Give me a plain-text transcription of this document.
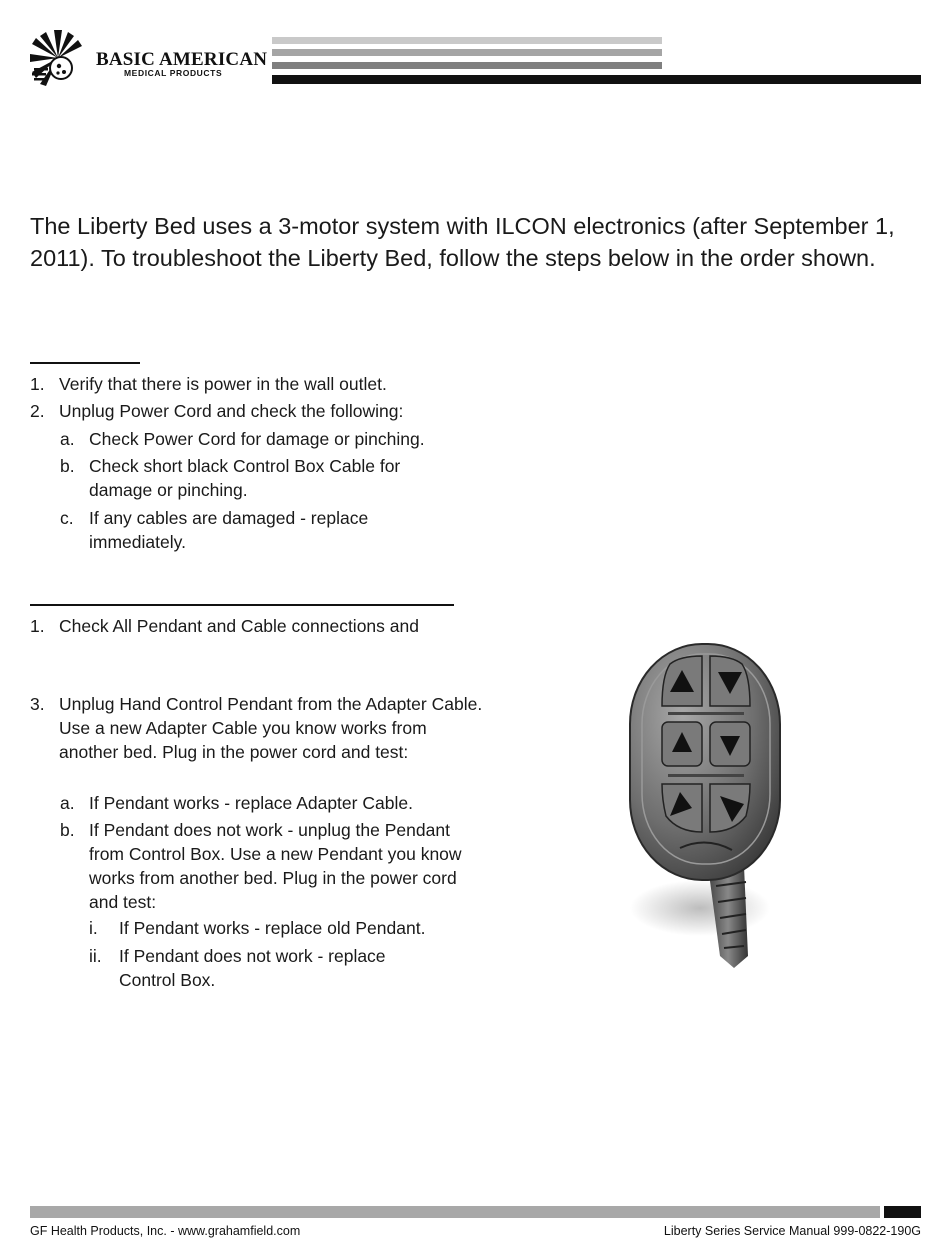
BASIC AMERICAN
MEDICAL PRODUCTS

The Liberty Bed uses a 3-motor system with ILCON electronics (after September 1, 2011). To troubleshoot the Liberty Bed, follow the steps below in the order shown.

1. Verify that there is power in the wall outlet.
2. Unplug Power Cord and check the following:
a. Check Power Cord for damage or pinching.
b. Check short black Control Box Cable for damage or pinching.
c. If any cables are damaged - replace immediately.
1. Check All Pendant and Cable connections and
3. Unplug Hand Control Pendant from the Adapter Cable. Use a new Adapter Cable you know works from another bed. Plug in the power cord and test:
a. If Pendant works - replace Adapter Cable.
b. If Pendant does not work - unplug the Pendant from Control Box. Use a new Pendant you know works from another bed. Plug in the power cord and test:
i. If Pendant works - replace old Pendant.
ii. If Pendant does not work - replace Control Box.
GF Health Products, Inc. - www.grahamfield.com	Liberty Series Service Manual 999-0822-190G
